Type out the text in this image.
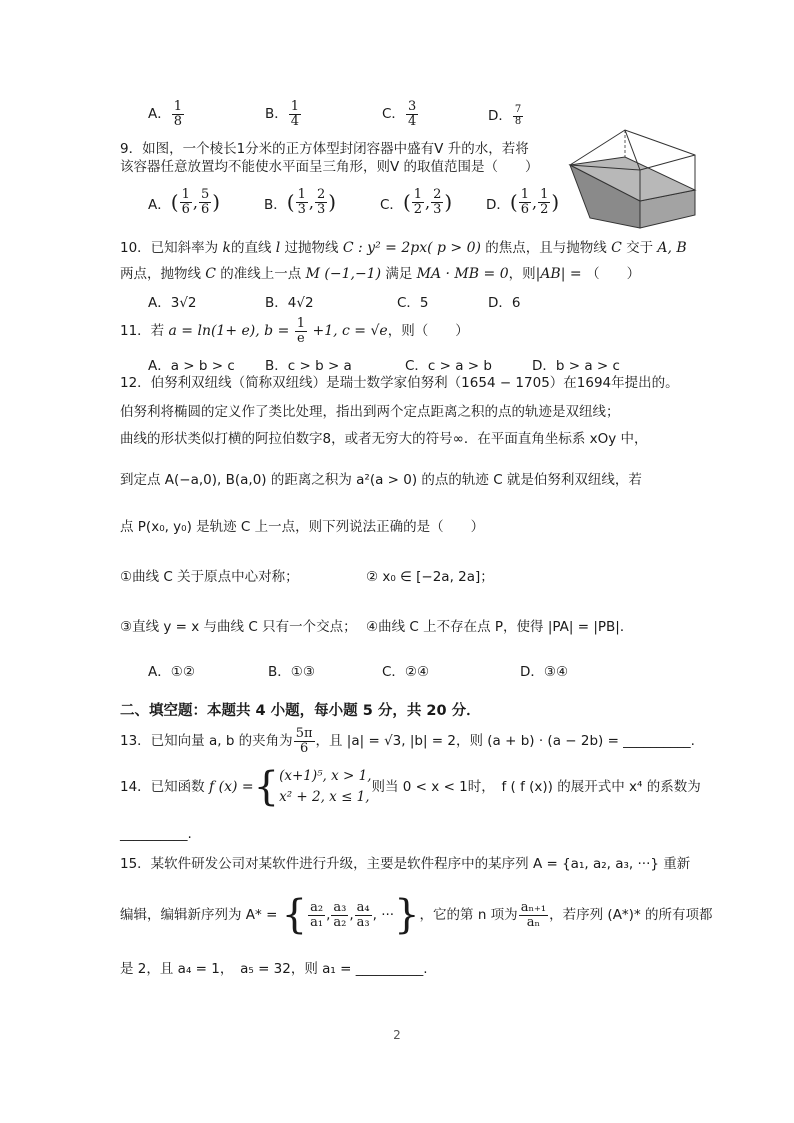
A． $\frac{1}{8}$	B． $\frac{1}{4}$	C． $\frac{3}{4}$	D． $\frac{7}{8}$
9．如图，一个棱长1分米的正方体型封闭容器中盛有V 升的水，若将
该容器任意放置均不能使水平面呈三角形，则V 的取值范围是（　　）
A． ( $\frac{1}{6}$ , $\frac{5}{6}$ )	B． ( $\frac{1}{3}$ , $\frac{2}{3}$ )	C． ( $\frac{1}{2}$ , $\frac{2}{3}$ )	D． ( $\frac{1}{6}$ , $\frac{1}{2}$ )
10．已知斜率为 k的直线 l 过抛物线 C : y² = 2px( p > 0) 的焦点，且与抛物线 C 交于 A, B
两点，抛物线 C 的准线上一点 M (−1,−1) 满足 MA · MB = 0，则|AB| = （　　）
A．3√2	B．4√2	C．5	D．6
11．若 a = ln(1+ e), $b = \frac{1}{e} +1$, c = √e，则（　　）
A．a > b > c B．c > b > a	C．c > a > b	D．b > a > c
12．伯努利双纽线（简称双纽线）是瑞士数学家伯努利（1654 − 1705）在1694年提出的。
伯努利将椭圆的定义作了类比处理，指出到两个定点距离之积的点的轨迹是双纽线；
曲线的形状类似打横的阿拉伯数字8，或者无穷大的符号∞．在平面直角坐标系 xOy 中，
到定点 A(−a,0), B(a,0) 的距离之积为 a²(a > 0) 的点的轨迹 C 就是伯努利双纽线，若
点 P(x₀, y₀) 是轨迹 C 上一点，则下列说法正确的是（　　）
①曲线 C 关于原点中心对称；	② x₀ ∈ [−2a, 2a]；
③直线 y = x 与曲线 C 只有一个交点； ④曲线 C 上不存在点 P，使得 |PA| = |PB|．
A．①②	B．①③	C．②④	D．③④
二、填空题：本题共 4 小题，每小题 5 分，共 20 分．
13．已知向量 a, b 的夹角为 $\frac{5\pi}{6}$ ，且 |a| = √3, |b| = 2，则 (a + b) · (a − 2b) = __________.
14．已知函数 f (x) = { (x+1)⁵, x > 1,
x² + 2, x ≤ 1,
则当 0 < x < 1时，　f ( f (x)) 的展开式中 x⁴ 的系数为
__________.
15．某软件研发公司对某软件进行升级，主要是软件程序中的某序列 A = {a₁, a₂, a₃, ···} 重新
编辑，编辑新序列为 A* = { $\frac{\text{a₂}}{\text{a₁}}$ , $\frac{\text{a₃}}{\text{a₂}}$ , $\frac{\text{a₄}}{\text{a₃}}$ , ··· } ，它的第 n 项为 $\frac{\text{aₙ₊₁}}{\text{aₙ}}$ ，若序列 (A*)* 的所有项都
是 2，且 a₄ = 1，　a₅ = 32，则 a₁ = __________.
2
